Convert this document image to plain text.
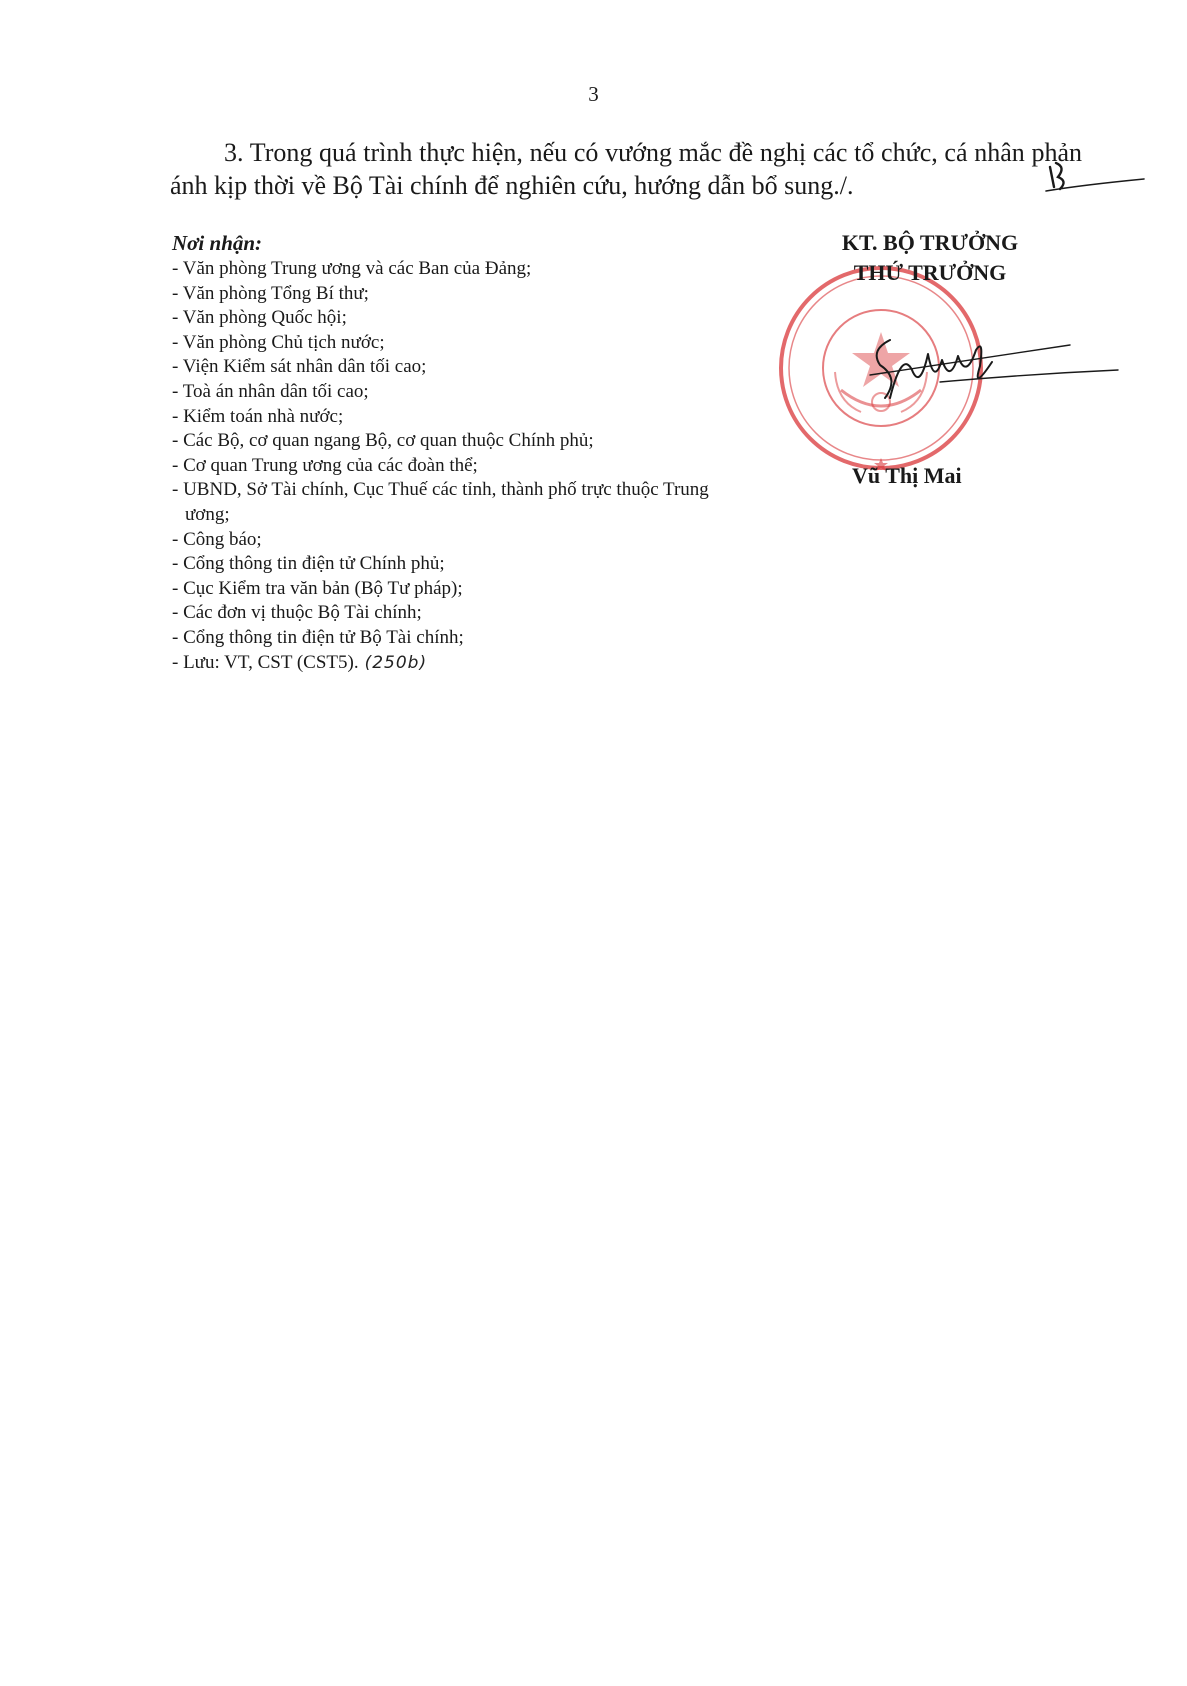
3

3. Trong quá trình thực hiện, nếu có vướng mắc đề nghị các tổ chức, cá nhân phản ánh kịp thời về Bộ Tài chính để nghiên cứu, hướng dẫn bổ sung./.

Nơi nhận:
- Văn phòng Trung ương và các Ban của Đảng;
- Văn phòng Tổng Bí thư;
- Văn phòng Quốc hội;
- Văn phòng Chủ tịch nước;
- Viện Kiểm sát nhân dân tối cao;
- Toà án nhân dân tối cao;
- Kiểm toán nhà nước;
- Các Bộ, cơ quan ngang Bộ, cơ quan thuộc Chính phủ;
- Cơ quan Trung ương của các đoàn thể;
- UBND, Sở Tài chính, Cục Thuế các tỉnh, thành phố trực thuộc Trung ương;
- Công báo;
- Cổng thông tin điện tử Chính phủ;
- Cục Kiểm tra văn bản (Bộ Tư pháp);
- Các đơn vị thuộc Bộ Tài chính;
- Cổng thông tin điện tử Bộ Tài chính;
- Lưu: VT, CST (CST5). (250b)
KT. BỘ TRƯỞNG
THỨ TRƯỞNG
Vũ Thị Mai
